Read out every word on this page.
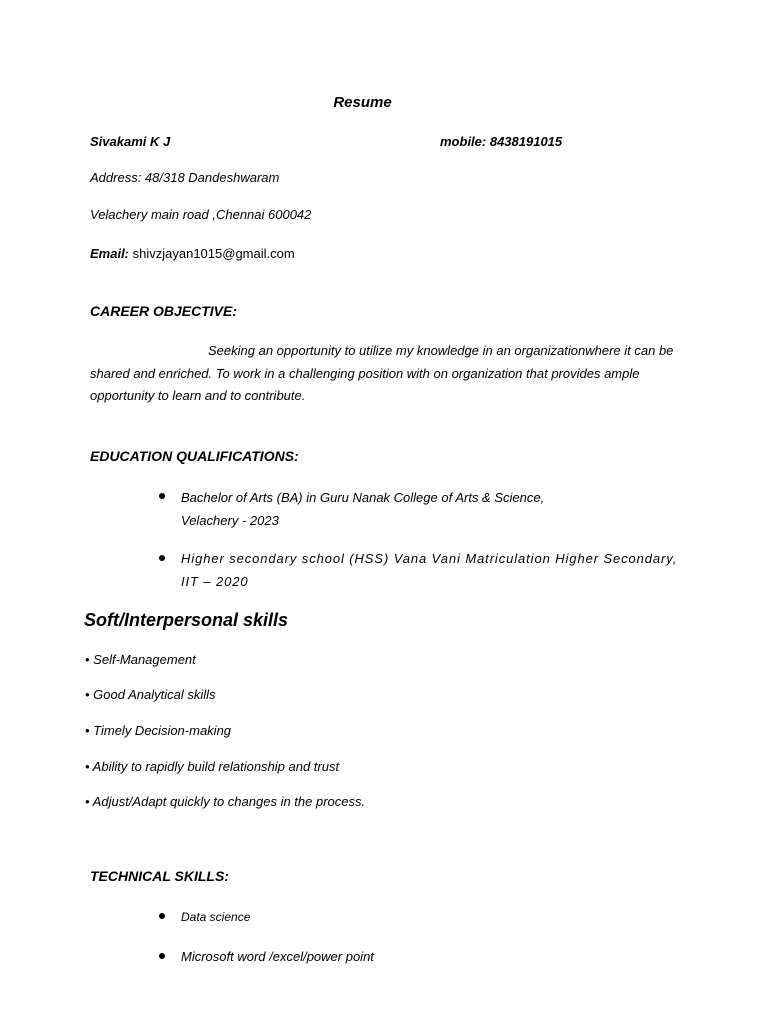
Resume
Sivakami K J	mobile: 8438191015
Address: 48/318 Dandeshwaram
Velachery main road ,Chennai 600042
Email: shivzjayan1015@gmail.com
CAREER OBJECTIVE:
Seeking an opportunity to utilize my knowledge in an organizationwhere it can be shared and enriched. To work in a challenging position with on organization that provides ample opportunity to learn and to contribute.
EDUCATION QUALIFICATIONS:
Bachelor of Arts (BA) in Guru Nanak College of Arts & Science,
Velachery - 2023
Higher secondary school (HSS) Vana Vani Matriculation Higher Secondary,
IIT – 2020
Soft/Interpersonal skills
• Self-Management
• Good Analytical skills
• Timely Decision-making
• Ability to rapidly build relationship and trust
• Adjust/Adapt quickly to changes in the process.
TECHNICAL SKILLS:
Data science
Microsoft word /excel/power point
